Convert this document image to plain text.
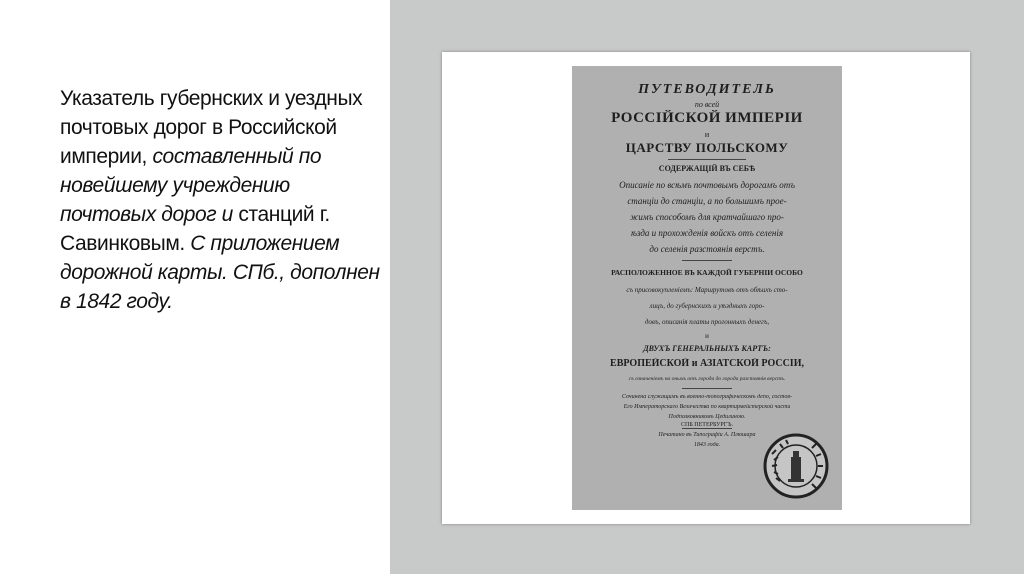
Указатель губернских и уездных почтовых дорог в Российской империи, составленный по новейшему учреждению почтовых дорог и станций г. Савинковым. С приложением дорожной карты. СПб., дополнен в 1842 году.
ПУТЕВОДИТЕЛЬ
по всей
РОССІЙСКОЙ ИМПЕРІИ
и
ЦАРСТВУ ПОЛЬСКОМУ
СОДЕРЖАЩІЙ ВЪ СЕБѢ
Описаніе по всѣмъ почтовымъ дорогамъ отъ
станціи до станціи, а по большимъ прое-
жимъ способомъ для кратчайшаго про-
ѣзда и прохожденія войскъ отъ селенія
до селенія разстоянія верстъ.
РАСПОЛОЖЕННОЕ ВЪ КАЖДОЙ ГУБЕРНІИ ОСОБО
съ присовокупленіемъ: Маршрутовъ отъ обѣихъ сто-
лицъ, до губернскихъ и уѣздныхъ горо-
довъ, описанія платы прогонныхъ денегъ,
и
ДВУХЪ ГЕНЕРАЛЬНЫХЪ КАРТЪ:
ЕВРОПЕЙСКОЙ и АЗІАТСКОЙ РОССІИ,
съ означеніемъ на оныхъ отъ города до города разстоянія верстъ.
Сочинена служащимъ въ военно-топографическомъ депо, состоя-
Его Императорскаго Величества по квартирмейстерской части
Подполковникомъ Цедилиною.
СПБ ПЕТЕРБУРГЪ.
Печатано въ Типографіи А. Плюшара
1843 года.
